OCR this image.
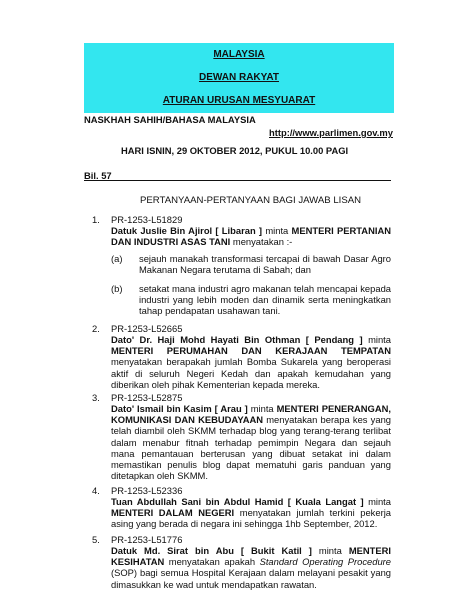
MALAYSIA
DEWAN RAKYAT
ATURAN URUSAN MESYUARAT
NASKHAH SAHIH/BAHASA MALAYSIA
http://www.parlimen.gov.my
HARI ISNIN, 29 OKTOBER 2012, PUKUL 10.00 PAGI
Bil. 57
PERTANYAAN-PERTANYAAN BAGI JAWAB LISAN
1. PR-1253-L51829
Datuk Juslie Bin Ajirol [ Libaran ] minta MENTERI PERTANIAN DAN INDUSTRI ASAS TANI menyatakan :-
(a) sejauh manakah transformasi tercapai di bawah Dasar Agro Makanan Negara terutama di Sabah; dan
(b) setakat mana industri agro makanan telah mencapai kepada industri yang lebih moden dan dinamik serta meningkatkan tahap pendapatan usahawan tani.
2. PR-1253-L52665
Dato' Dr. Haji Mohd Hayati Bin Othman [ Pendang ] minta MENTERI PERUMAHAN DAN KERAJAAN TEMPATAN menyatakan berapakah jumlah Bomba Sukarela yang beroperasi aktif di seluruh Negeri Kedah dan apakah kemudahan yang diberikan oleh pihak Kementerian kepada mereka.
3. PR-1253-L52875
Dato' Ismail bin Kasim [ Arau ] minta MENTERI PENERANGAN, KOMUNIKASI DAN KEBUDAYAAN menyatakan berapa kes yang telah diambil oleh SKMM terhadap blog yang terang-terang terlibat dalam menabur fitnah terhadap pemimpin Negara dan sejauh mana pemantauan berterusan yang dibuat setakat ini dalam memastikan penulis blog dapat mematuhi garis panduan yang ditetapkan oleh SKMM.
4. PR-1253-L52336
Tuan Abdullah Sani bin Abdul Hamid [ Kuala Langat ] minta MENTERI DALAM NEGERI menyatakan jumlah terkini pekerja asing yang berada di negara ini sehingga 1hb September, 2012.
5. PR-1253-L51776
Datuk Md. Sirat bin Abu [ Bukit Katil ] minta MENTERI KESIHATAN menyatakan apakah Standard Operating Procedure (SOP) bagi semua Hospital Kerajaan dalam melayani pesakit yang dimasukkan ke wad untuk mendapatkan rawatan.
